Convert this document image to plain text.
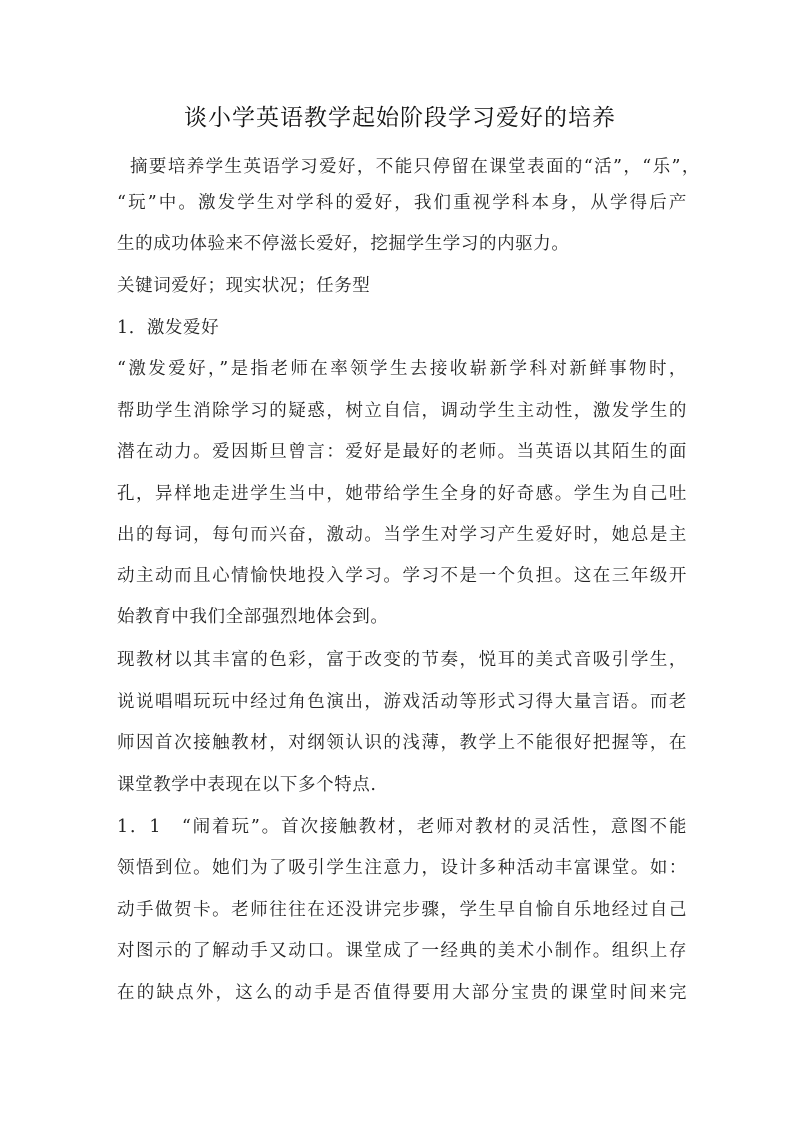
谈小学英语教学起始阶段学习爱好的培养
摘要培养学生英语学习爱好，不能只停留在课堂表面的“活”，“乐”，
“玩”中。激发学生对学科的爱好，我们重视学科本身，从学得后产
生的成功体验来不停滋长爱好，挖掘学生学习的内驱力。
关键词爱好；现实状况；任务型
1．激发爱好
“激发爱好，”是指老师在率领学生去接收崭新学科对新鲜事物时，
帮助学生消除学习的疑惑，树立自信，调动学生主动性，激发学生的
潜在动力。爱因斯旦曾言：爱好是最好的老师。当英语以其陌生的面
孔，异样地走进学生当中，她带给学生全身的好奇感。学生为自己吐
出的每词，每句而兴奋，激动。当学生对学习产生爱好时，她总是主
动主动而且心情愉快地投入学习。学习不是一个负担。这在三年级开
始教育中我们全部强烈地体会到。
现教材以其丰富的色彩，富于改变的节奏，悦耳的美式音吸引学生，
说说唱唱玩玩中经过角色演出，游戏活动等形式习得大量言语。而老
师因首次接触教材，对纲领认识的浅薄，教学上不能很好把握等，在
课堂教学中表现在以下多个特点.
1．1　“闹着玩”。首次接触教材，老师对教材的灵活性，意图不能
领悟到位。她们为了吸引学生注意力，设计多种活动丰富课堂。如：
动手做贺卡。老师往往在还没讲完步骤，学生早自愉自乐地经过自己
对图示的了解动手又动口。课堂成了一经典的美术小制作。组织上存
在的缺点外，这么的动手是否值得要用大部分宝贵的课堂时间来完
